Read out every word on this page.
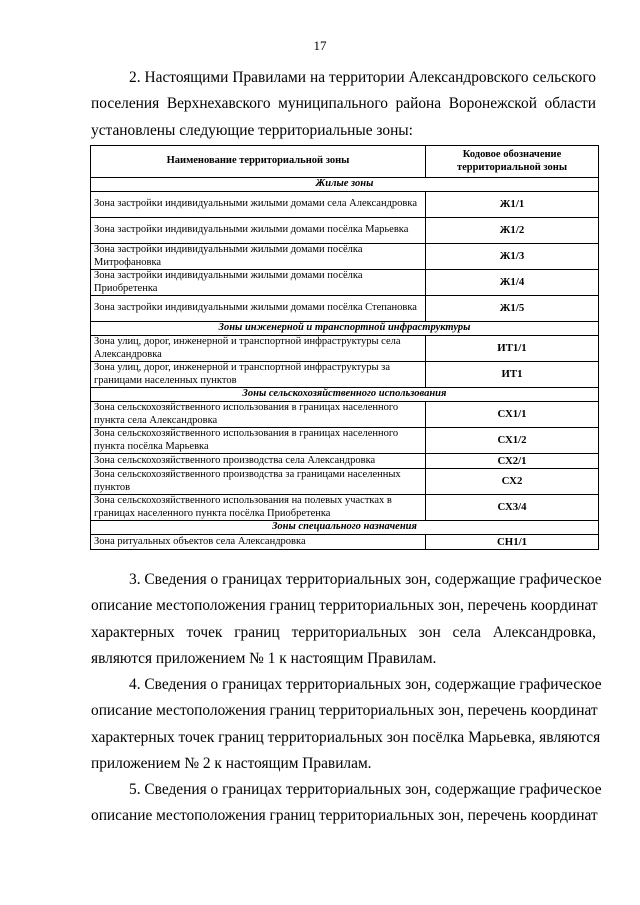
17
2. Настоящими Правилами на территории Александровского сельского
поселения Верхнехавского муниципального района Воронежской области
установлены следующие территориальные зоны:
Наименование территориальной зоны	Кодовое обозначение территориальной зоны
Жилые зоны	
Зона застройки индивидуальными жилыми домами села Александровка	Ж1/1
Зона застройки индивидуальными жилыми домами посёлка Марьевка	Ж1/2
Зона застройки индивидуальными жилыми домами посёлка Митрофановка	Ж1/3
Зона застройки индивидуальными жилыми домами посёлка Приобретенка	Ж1/4
Зона застройки индивидуальными жилыми домами посёлка Степановка	Ж1/5
Зоны инженерной и транспортной инфраструктуры	
Зона улиц, дорог, инженерной и транспортной инфраструктуры села Александровка	ИТ1/1
Зона улиц, дорог, инженерной и транспортной инфраструктуры за границами населенных пунктов	ИТ1
Зоны сельскохозяйственного использования	
Зона сельскохозяйственного использования в границах населенного пункта села Александровка	СХ1/1
Зона сельскохозяйственного использования в границах населенного пункта посёлка Марьевка	СХ1/2
Зона сельскохозяйственного производства села Александровка	СХ2/1
Зона сельскохозяйственного производства за границами населенных пунктов	СХ2
Зона сельскохозяйственного использования на полевых участках в границах населенного пункта посёлка Приобретенка	СХ3/4
Зоны специального назначения	
Зона ритуальных объектов села Александровка	СН1/1
3. Сведения о границах территориальных зон, содержащие графическое
описание местоположения границ территориальных зон, перечень координат
характерных точек границ территориальных зон села Александровка,
являются приложением № 1 к настоящим Правилам.
4. Сведения о границах территориальных зон, содержащие графическое
описание местоположения границ территориальных зон, перечень координат
характерных точек границ территориальных зон посёлка Марьевка, являются
приложением № 2 к настоящим Правилам.
5. Сведения о границах территориальных зон, содержащие графическое
описание местоположения границ территориальных зон, перечень координат
